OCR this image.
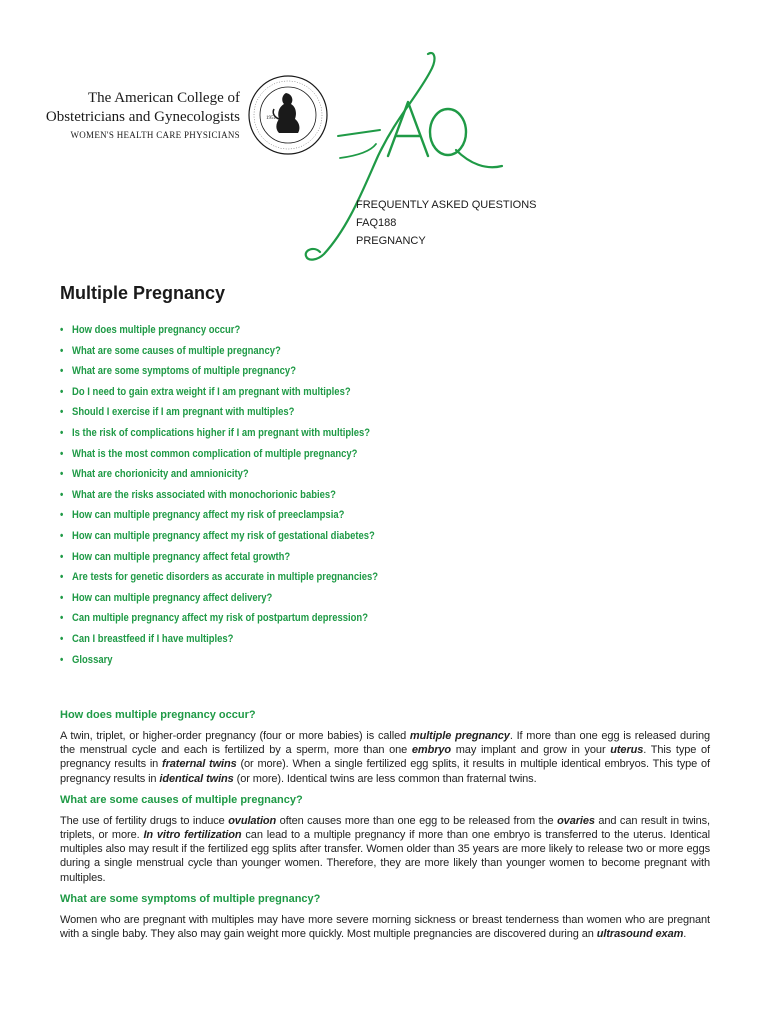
The American College of
Obstetricians and Gynecologists
WOMEN'S HEALTH CARE PHYSICIANS
1951
FREQUENTLY ASKED QUESTIONS
FAQ188
PREGNANCY
Multiple Pregnancy
• How does multiple pregnancy occur?
• What are some causes of multiple pregnancy?
• What are some symptoms of multiple pregnancy?
• Do I need to gain extra weight if I am pregnant with multiples?
• Should I exercise if I am pregnant with multiples?
• Is the risk of complications higher if I am pregnant with multiples?
• What is the most common complication of multiple pregnancy?
• What are chorionicity and amnionicity?
• What are the risks associated with monochorionic babies?
• How can multiple pregnancy affect my risk of preeclampsia?
• How can multiple pregnancy affect my risk of gestational diabetes?
• How can multiple pregnancy affect fetal growth?
• Are tests for genetic disorders as accurate in multiple pregnancies?
• How can multiple pregnancy affect delivery?
• Can multiple pregnancy affect my risk of postpartum depression?
• Can I breastfeed if I have multiples?
• Glossary
How does multiple pregnancy occur?

A twin, triplet, or higher-order pregnancy (four or more babies) is called multiple pregnancy. If more than one egg is released during the menstrual cycle and each is fertilized by a sperm, more than one embryo may implant and grow in your uterus. This type of pregnancy results in fraternal twins (or more). When a single fertilized egg splits, it results in multiple identical embryos. This type of pregnancy results in identical twins (or more). Identical twins are less common than fraternal twins.

What are some causes of multiple pregnancy?

The use of fertility drugs to induce ovulation often causes more than one egg to be released from the ovaries and can result in twins, triplets, or more. In vitro fertilization can lead to a multiple pregnancy if more than one embryo is transferred to the uterus. Identical multiples also may result if the fertilized egg splits after transfer. Women older than 35 years are more likely to release two or more eggs during a single menstrual cycle than younger women. Therefore, they are more likely than younger women to become pregnant with multiples.

What are some symptoms of multiple pregnancy?

Women who are pregnant with multiples may have more severe morning sickness or breast tenderness than women who are pregnant with a single baby. They also may gain weight more quickly. Most multiple pregnancies are discovered during an ultrasound exam.
